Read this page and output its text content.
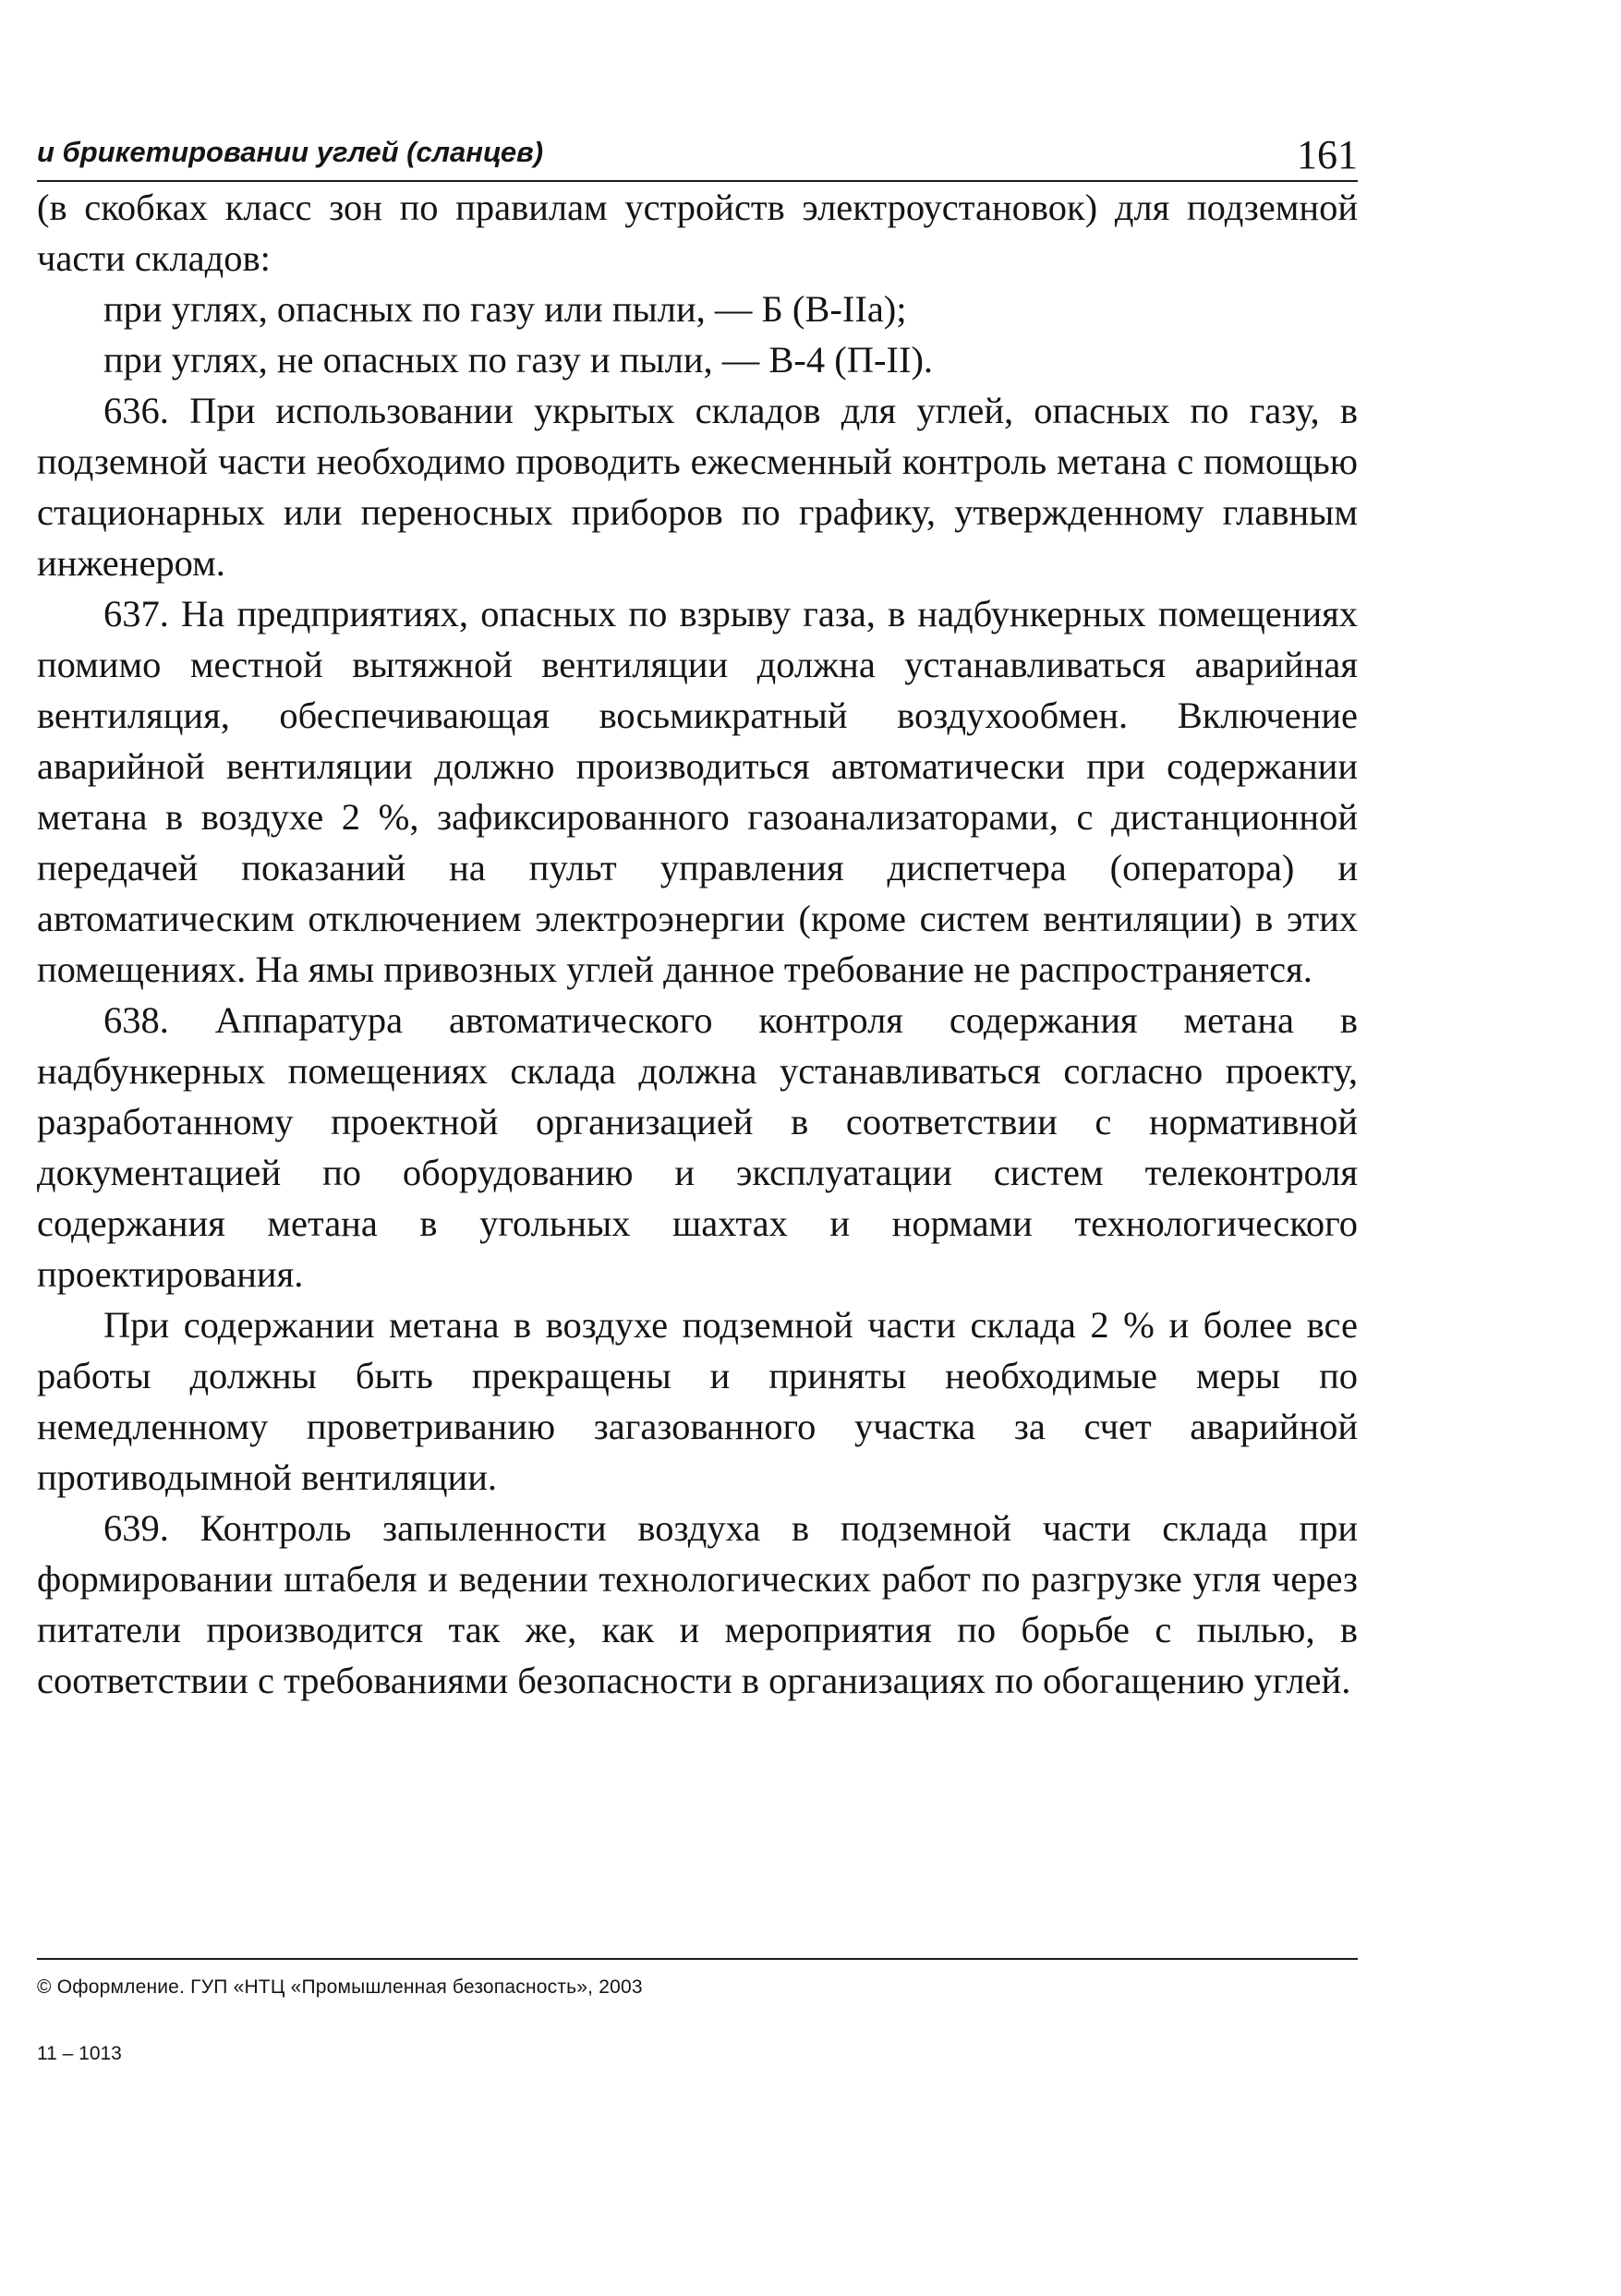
и брикетировании углей (сланцев)	161

(в скобках класс зон по правилам устройств электроустановок) для подземной части складов:

при углях, опасных по газу или пыли, — Б (В-IIа);

при углях, не опасных по газу и пыли, — В-4 (П-II).

636. При использовании укрытых складов для углей, опасных по газу, в подземной части необходимо проводить ежесменный контроль метана с помощью стационарных или переносных приборов по графику, утвержденному главным инженером.

637. На предприятиях, опасных по взрыву газа, в надбункерных помещениях помимо местной вытяжной вентиляции должна устанавливаться аварийная вентиляция, обеспечивающая восьмикратный воздухообмен. Включение аварийной вентиляции должно производиться автоматически при содержании метана в воздухе 2 %, зафиксированного газоанализаторами, с дистанционной передачей показаний на пульт управления диспетчера (оператора) и автоматическим отключением электроэнергии (кроме систем вентиляции) в этих помещениях. На ямы привозных углей данное требование не распространяется.

638. Аппаратура автоматического контроля содержания метана в надбункерных помещениях склада должна устанавливаться согласно проекту, разработанному проектной организацией в соответствии с нормативной документацией по оборудованию и эксплуатации систем телеконтроля содержания метана в угольных шахтах и нормами технологического проектирования.

При содержании метана в воздухе подземной части склада 2 % и более все работы должны быть прекращены и приняты необходимые меры по немедленному проветриванию загазованного участка за счет аварийной противодымной вентиляции.

639. Контроль запыленности воздуха в подземной части склада при формировании штабеля и ведении технологических работ по разгрузке угля через питатели производится так же, как и мероприятия по борьбе с пылью, в соответствии с требованиями безопасности в организациях по обогащению углей.

© Оформление. ГУП «НТЦ «Промышленная безопасность», 2003
11 – 1013
